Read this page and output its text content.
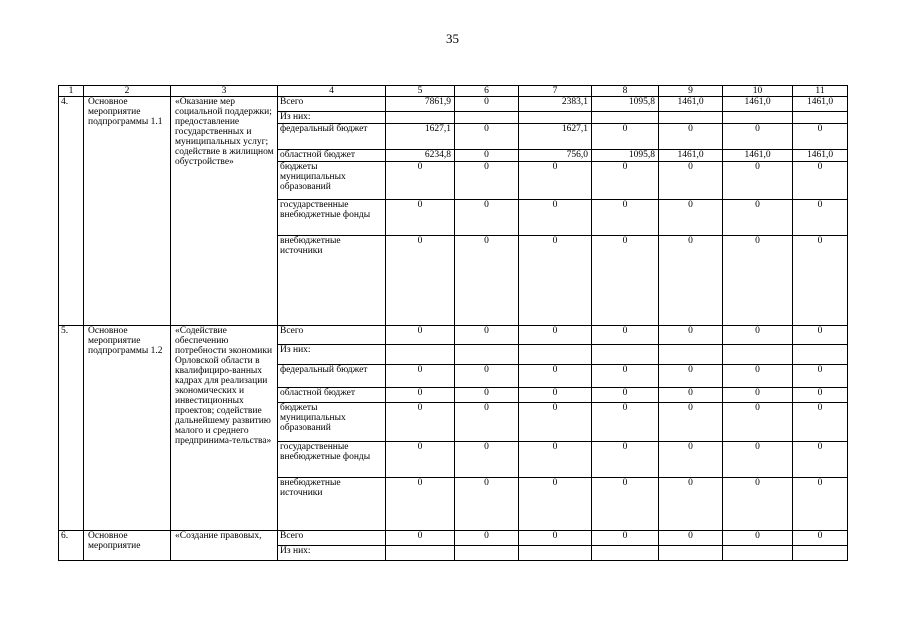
35
1	2	3	4	5	6	7	8	9	10	11
4.	Основное мероприятие подпрограммы 1.1	«Оказание мер социальной поддержки; предоставление государственных и муниципальных услуг; содействие в жилищном обустройстве»	Всего	7861,9	0	2383,1	1095,8	1461,0	1461,0	1461,0
			Из них:							
			федеральный бюджет	1627,1	0	1627,1	0	0	0	0
			областной бюджет	6234,8	0	756,0	1095,8	1461,0	1461,0	1461,0
			бюджеты муниципальных образований	0	0	0	0	0	0	0
			государственные внебюджетные фонды	0	0	0	0	0	0	0
			внебюджетные источники	0	0	0	0	0	0	0
5.	Основное мероприятие подпрограммы 1.2	«Содействие обеспечению потребности экономики Орловской области в квалифициро-ванных кадрах для реализации экономических и инвестиционных проектов; содействие дальнейшему развитию малого и среднего предпринима-тельства»	Всего	0	0	0	0	0	0	0
			Из них:							
			федеральный бюджет	0	0	0	0	0	0	0
			областной бюджет	0	0	0	0	0	0	0
			бюджеты муниципальных образований	0	0	0	0	0	0	0
			государственные внебюджетные фонды	0	0	0	0	0	0	0
			внебюджетные источники	0	0	0	0	0	0	0
6.	Основное мероприятие	«Создание правовых,	Всего	0	0	0	0	0	0	0
			Из них:							
